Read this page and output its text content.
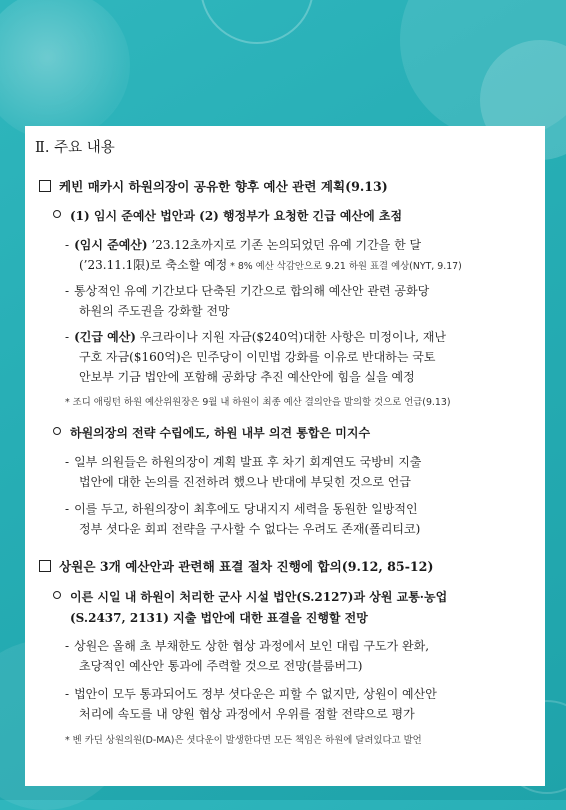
Ⅱ. 주요 내용
케빈 매카시 하원의장이 공유한 향후 예산 관련 계획(9.13)
(1) 임시 준예산 법안과 (2) 행정부가 요청한 긴급 예산에 초점
- (임시 준예산) ’23.12초까지로 기존 논의되었던 유예 기간을 한 달
(’23.11.1限)로 축소할 예정 * 8% 예산 삭감안으로 9.21 하원 표결 예상(NYT, 9.17)
- 통상적인 유예 기간보다 단축된 기간으로 합의해 예산안 관련 공화당
하원의 주도권을 강화할 전망
- (긴급 예산) 우크라이나 지원 자금($240억)대한 사항은 미정이나, 재난
구호 자금($160억)은 민주당이 이민법 강화를 이유로 반대하는 국토
안보부 기금 법안에 포함해 공화당 추진 예산안에 힘을 실을 예정
* 조디 애링턴 하원 예산위원장은 9월 내 하원이 최종 예산 결의안을 발의할 것으로 언급(9.13)
하원의장의 전략 수립에도, 하원 내부 의견 통합은 미지수
- 일부 의원들은 하원의장이 계획 발표 후 차기 회계연도 국방비 지출
법안에 대한 논의를 진전하려 했으나 반대에 부딪힌 것으로 언급
- 이를 두고, 하원의장이 최후에도 당내지지 세력을 동원한 일방적인
정부 셧다운 회피 전략을 구사할 수 없다는 우려도 존재(폴리티코)
상원은 3개 예산안과 관련해 표결 절차 진행에 합의(9.12, 85-12)
이른 시일 내 하원이 처리한 군사 시설 법안(S.2127)과 상원 교통·농업
(S.2437, 2131) 지출 법안에 대한 표결을 진행할 전망
- 상원은 올해 초 부채한도 상한 협상 과정에서 보인 대립 구도가 완화,
초당적인 예산안 통과에 주력할 것으로 전망(블룸버그)
- 법안이 모두 통과되어도 정부 셧다운은 피할 수 없지만, 상원이 예산안
처리에 속도를 내 양원 협상 과정에서 우위를 점할 전략으로 평가
* 벤 카딘 상원의원(D-MA)은 셧다운이 발생한다면 모든 책임은 하원에 달려있다고 발언
